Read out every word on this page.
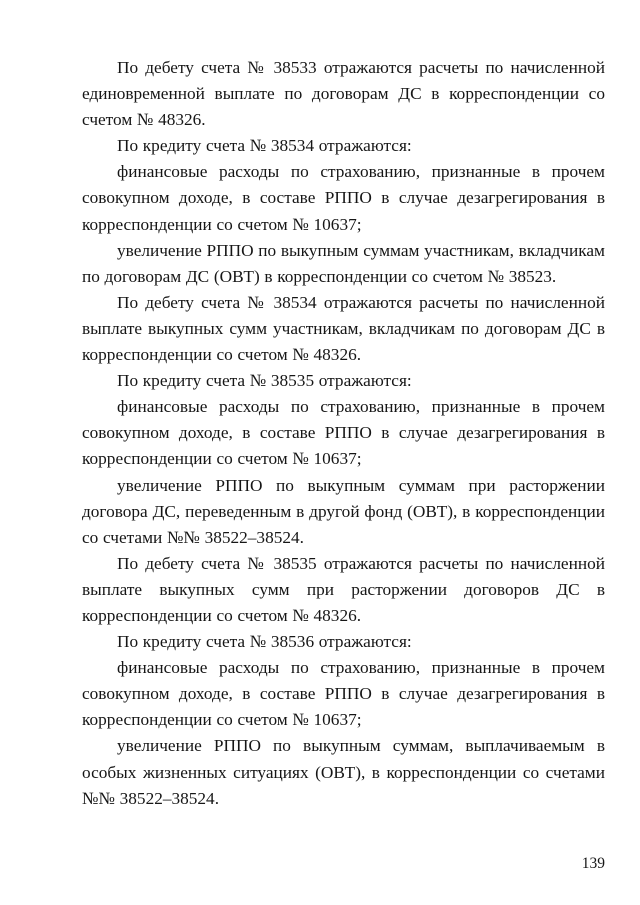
По дебету счета № 38533 отражаются расчеты по начисленной единовременной выплате по договорам ДС в корреспонденции со счетом № 48326.

По кредиту счета № 38534 отражаются:

финансовые расходы по страхованию, признанные в прочем совокупном доходе, в составе РППО в случае дезагрегирования в корреспонденции со счетом № 10637;

увеличение РППО по выкупным суммам участникам, вкладчикам по договорам ДС (ОВТ) в корреспонденции со счетом № 38523.

По дебету счета № 38534 отражаются расчеты по начисленной выплате выкупных сумм участникам, вкладчикам по договорам ДС в корреспонденции со счетом № 48326.

По кредиту счета № 38535 отражаются:

финансовые расходы по страхованию, признанные в прочем совокупном доходе, в составе РППО в случае дезагрегирования в корреспонденции со счетом № 10637;

увеличение РППО по выкупным суммам при расторжении договора ДС, переведенным в другой фонд (ОВТ), в корреспонденции со счетами №№ 38522–38524.

По дебету счета № 38535 отражаются расчеты по начисленной выплате выкупных сумм при расторжении договоров ДС в корреспонденции со счетом № 48326.

По кредиту счета № 38536 отражаются:

финансовые расходы по страхованию, признанные в прочем совокупном доходе, в составе РППО в случае дезагрегирования в корреспонденции со счетом № 10637;

увеличение РППО по выкупным суммам, выплачиваемым в особых жизненных ситуациях (ОВТ), в корреспонденции со счетами №№ 38522–38524.

139
